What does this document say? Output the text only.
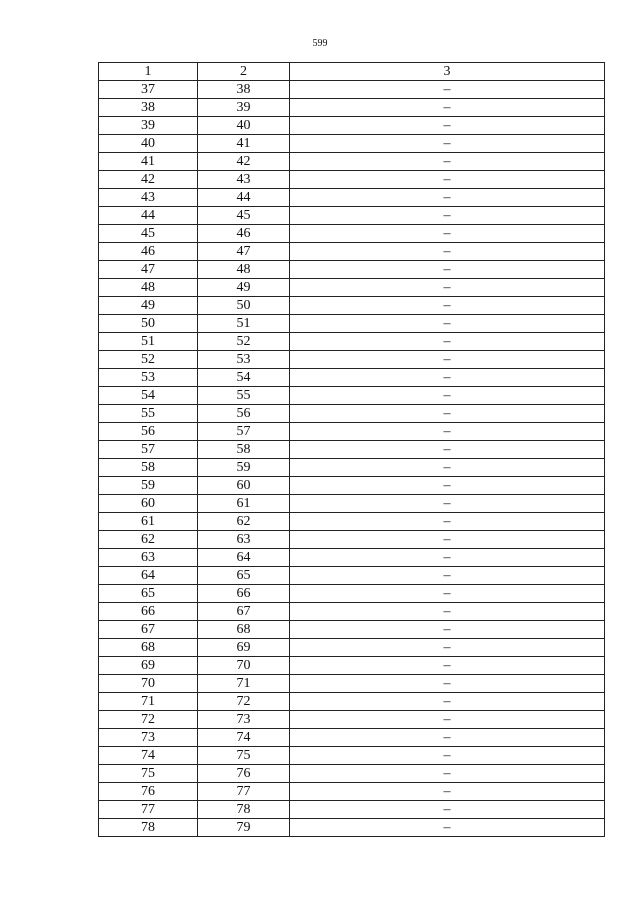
599
1	2	3
37	38	–
38	39	–
39	40	–
40	41	–
41	42	–
42	43	–
43	44	–
44	45	–
45	46	–
46	47	–
47	48	–
48	49	–
49	50	–
50	51	–
51	52	–
52	53	–
53	54	–
54	55	–
55	56	–
56	57	–
57	58	–
58	59	–
59	60	–
60	61	–
61	62	–
62	63	–
63	64	–
64	65	–
65	66	–
66	67	–
67	68	–
68	69	–
69	70	–
70	71	–
71	72	–
72	73	–
73	74	–
74	75	–
75	76	–
76	77	–
77	78	–
78	79	–
